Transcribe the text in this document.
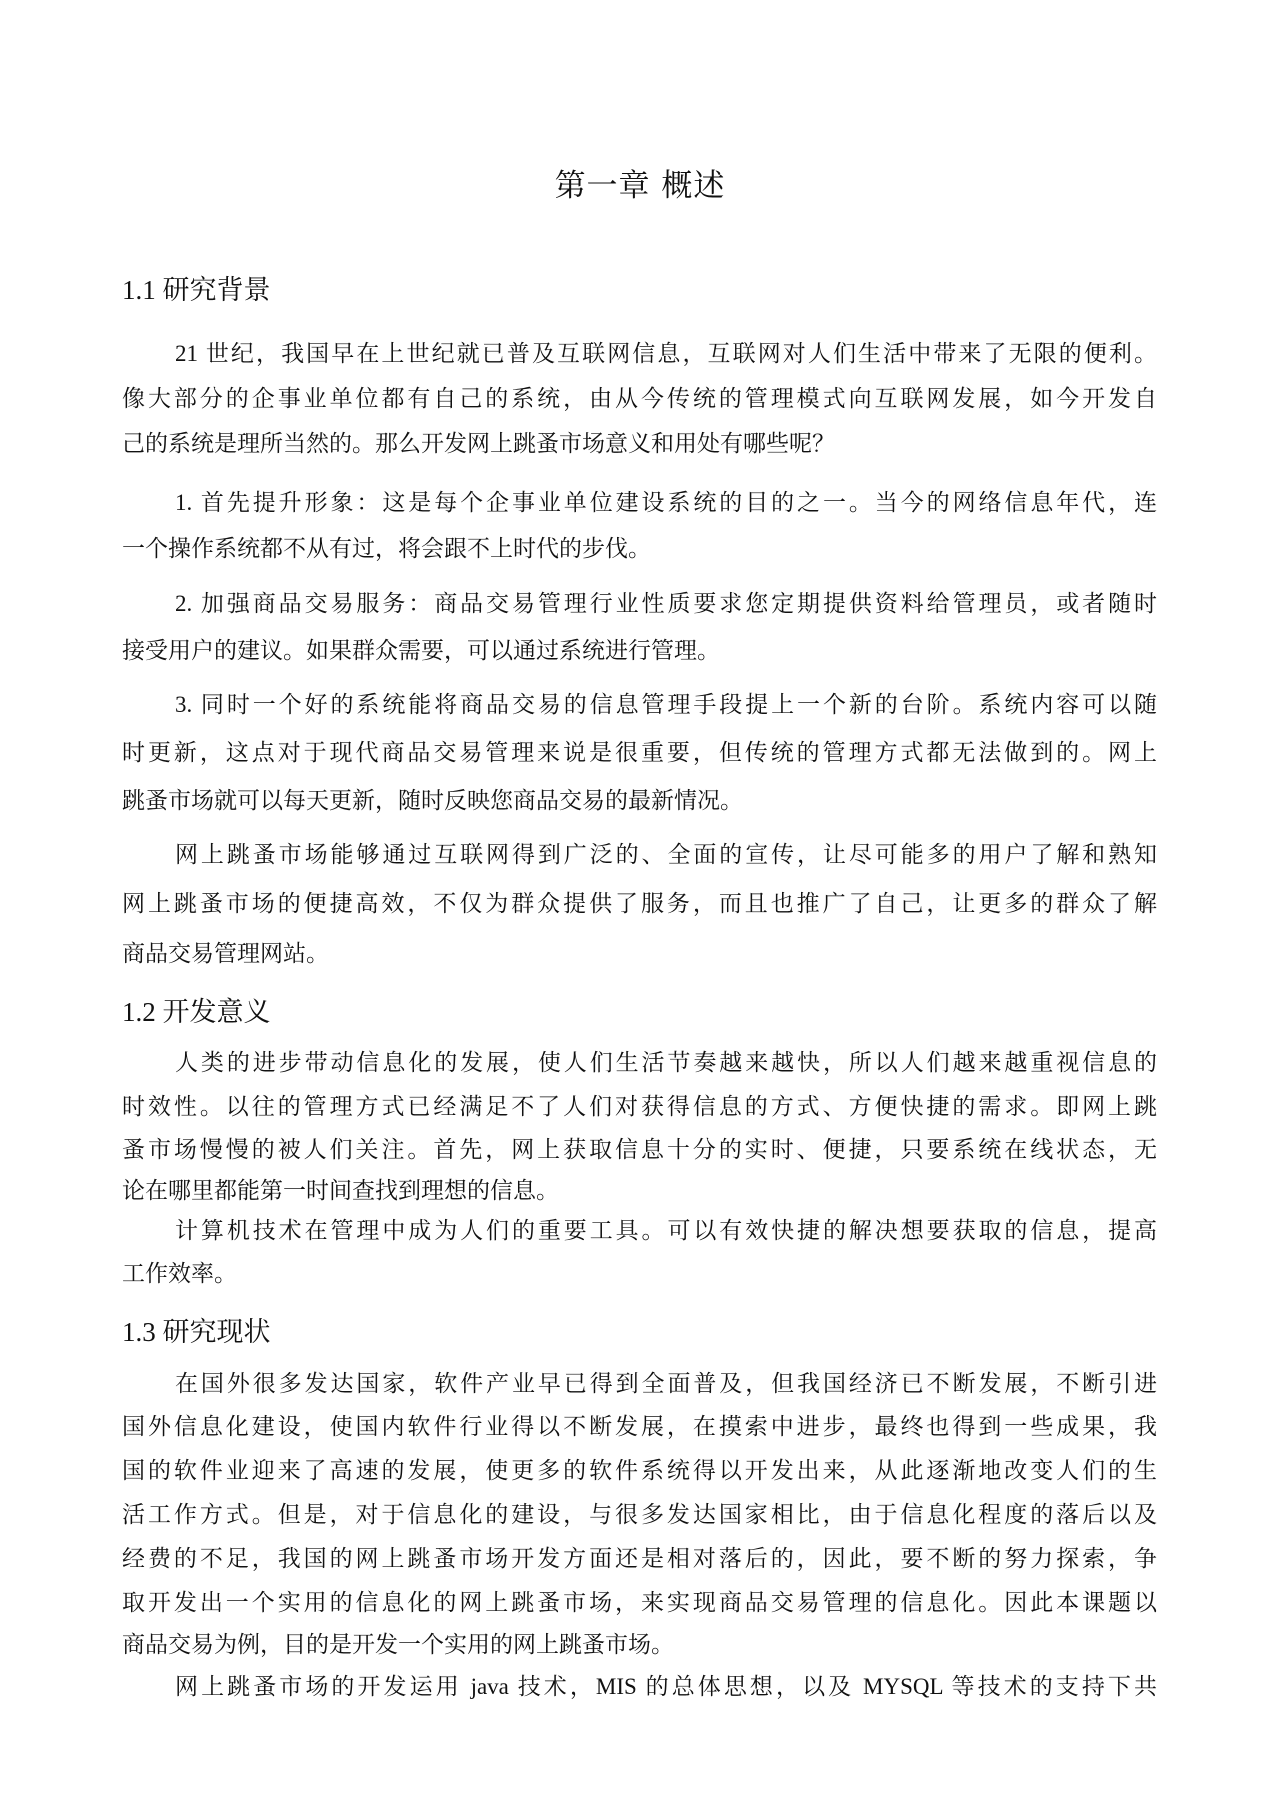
第一章 概述
1.1 研究背景
21 世纪，我国早在上世纪就已普及互联网信息，互联网对人们生活中带来了无限的便利。
像大部分的企事业单位都有自己的系统，由从今传统的管理模式向互联网发展，如今开发自
己的系统是理所当然的。那么开发网上跳蚤市场意义和用处有哪些呢？
1. 首先提升形象：这是每个企事业单位建设系统的目的之一。当今的网络信息年代，连
一个操作系统都不从有过，将会跟不上时代的步伐。
2. 加强商品交易服务：商品交易管理行业性质要求您定期提供资料给管理员，或者随时
接受用户的建议。如果群众需要，可以通过系统进行管理。
3. 同时一个好的系统能将商品交易的信息管理手段提上一个新的台阶。系统内容可以随
时更新，这点对于现代商品交易管理来说是很重要，但传统的管理方式都无法做到的。网上
跳蚤市场就可以每天更新，随时反映您商品交易的最新情况。
网上跳蚤市场能够通过互联网得到广泛的、全面的宣传，让尽可能多的用户了解和熟知
网上跳蚤市场的便捷高效，不仅为群众提供了服务，而且也推广了自己，让更多的群众了解
商品交易管理网站。
1.2 开发意义
人类的进步带动信息化的发展，使人们生活节奏越来越快，所以人们越来越重视信息的
时效性。以往的管理方式已经满足不了人们对获得信息的方式、方便快捷的需求。即网上跳
蚤市场慢慢的被人们关注。首先，网上获取信息十分的实时、便捷，只要系统在线状态，无
论在哪里都能第一时间查找到理想的信息。
计算机技术在管理中成为人们的重要工具。可以有效快捷的解决想要获取的信息，提高
工作效率。
1.3 研究现状
在国外很多发达国家，软件产业早已得到全面普及，但我国经济已不断发展，不断引进
国外信息化建设，使国内软件行业得以不断发展，在摸索中进步，最终也得到一些成果，我
国的软件业迎来了高速的发展，使更多的软件系统得以开发出来，从此逐渐地改变人们的生
活工作方式。但是，对于信息化的建设，与很多发达国家相比，由于信息化程度的落后以及
经费的不足，我国的网上跳蚤市场开发方面还是相对落后的，因此，要不断的努力探索，争
取开发出一个实用的信息化的网上跳蚤市场，来实现商品交易管理的信息化。因此本课题以
商品交易为例，目的是开发一个实用的网上跳蚤市场。
网上跳蚤市场的开发运用 java 技术，MIS 的总体思想，以及 MYSQL 等技术的支持下共
